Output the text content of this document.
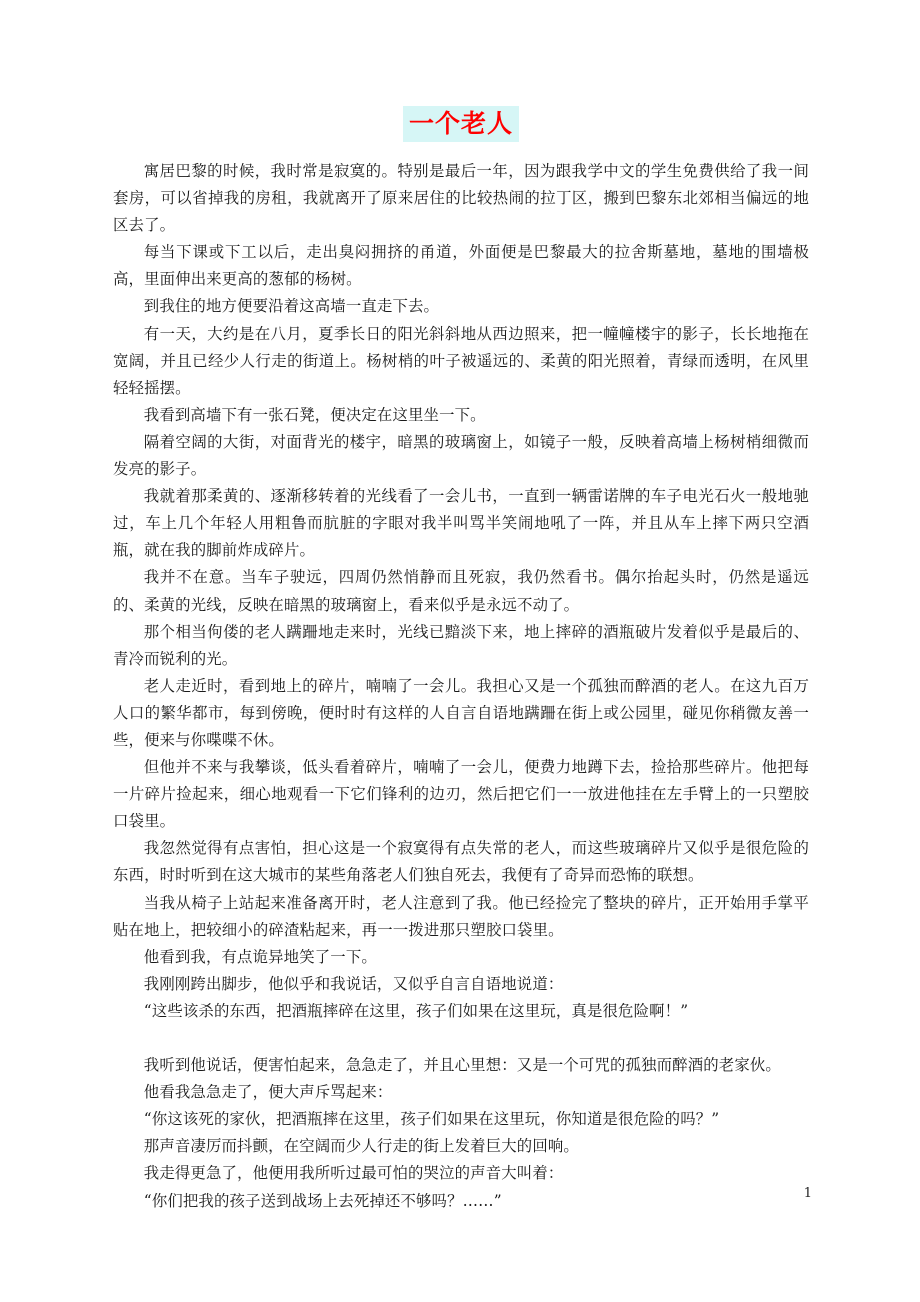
一个老人

寓居巴黎的时候，我时常是寂寞的。特别是最后一年，因为跟我学中文的学生免费供给了我一间套房，可以省掉我的房租，我就离开了原来居住的比较热闹的拉丁区，搬到巴黎东北郊相当偏远的地区去了。

每当下课或下工以后，走出臭闷拥挤的甬道，外面便是巴黎最大的拉舍斯墓地，墓地的围墙极高，里面伸出来更高的葱郁的杨树。

到我住的地方便要沿着这高墙一直走下去。

有一天，大约是在八月，夏季长日的阳光斜斜地从西边照来，把一幢幢楼宇的影子，长长地拖在宽阔，并且已经少人行走的街道上。杨树梢的叶子被遥远的、柔黄的阳光照着，青绿而透明，在风里轻轻摇摆。

我看到高墙下有一张石凳，便决定在这里坐一下。

隔着空阔的大街，对面背光的楼宇，暗黑的玻璃窗上，如镜子一般，反映着高墙上杨树梢细微而发亮的影子。

我就着那柔黄的、逐渐移转着的光线看了一会儿书，一直到一辆雷诺牌的车子电光石火一般地驰过，车上几个年轻人用粗鲁而肮脏的字眼对我半叫骂半笑闹地吼了一阵，并且从车上摔下两只空酒瓶，就在我的脚前炸成碎片。

我并不在意。当车子驶远，四周仍然悄静而且死寂，我仍然看书。偶尔抬起头时，仍然是遥远的、柔黄的光线，反映在暗黑的玻璃窗上，看来似乎是永远不动了。

那个相当佝偻的老人蹒跚地走来时，光线已黯淡下来，地上摔碎的酒瓶破片发着似乎是最后的、青冷而锐利的光。

老人走近时，看到地上的碎片，喃喃了一会儿。我担心又是一个孤独而醉酒的老人。在这九百万人口的繁华都市，每到傍晚，便时时有这样的人自言自语地蹒跚在街上或公园里，碰见你稍微友善一些，便来与你喋喋不休。

但他并不来与我攀谈，低头看着碎片，喃喃了一会儿，便费力地蹲下去，捡拾那些碎片。他把每一片碎片捡起来，细心地观看一下它们锋利的边刃，然后把它们一一放进他挂在左手臂上的一只塑胶口袋里。

我忽然觉得有点害怕，担心这是一个寂寞得有点失常的老人，而这些玻璃碎片又似乎是很危险的东西，时时听到在这大城市的某些角落老人们独自死去，我便有了奇异而恐怖的联想。

当我从椅子上站起来准备离开时，老人注意到了我。他已经捡完了整块的碎片，正开始用手掌平贴在地上，把较细小的碎渣粘起来，再一一拨进那只塑胶口袋里。

他看到我，有点诡异地笑了一下。

我刚刚跨出脚步，他似乎和我说话，又似乎自言自语地说道：

“这些该杀的东西，把酒瓶摔碎在这里，孩子们如果在这里玩，真是很危险啊！”

我听到他说话，便害怕起来，急急走了，并且心里想：又是一个可咒的孤独而醉酒的老家伙。

他看我急急走了，便大声斥骂起来：

“你这该死的家伙，把酒瓶摔在这里，孩子们如果在这里玩，你知道是很危险的吗？”

那声音凄厉而抖颤，在空阔而少人行走的街上发着巨大的回响。

我走得更急了，他便用我所听过最可怕的哭泣的声音大叫着：

“你们把我的孩子送到战场上去死掉还不够吗？……”	1
